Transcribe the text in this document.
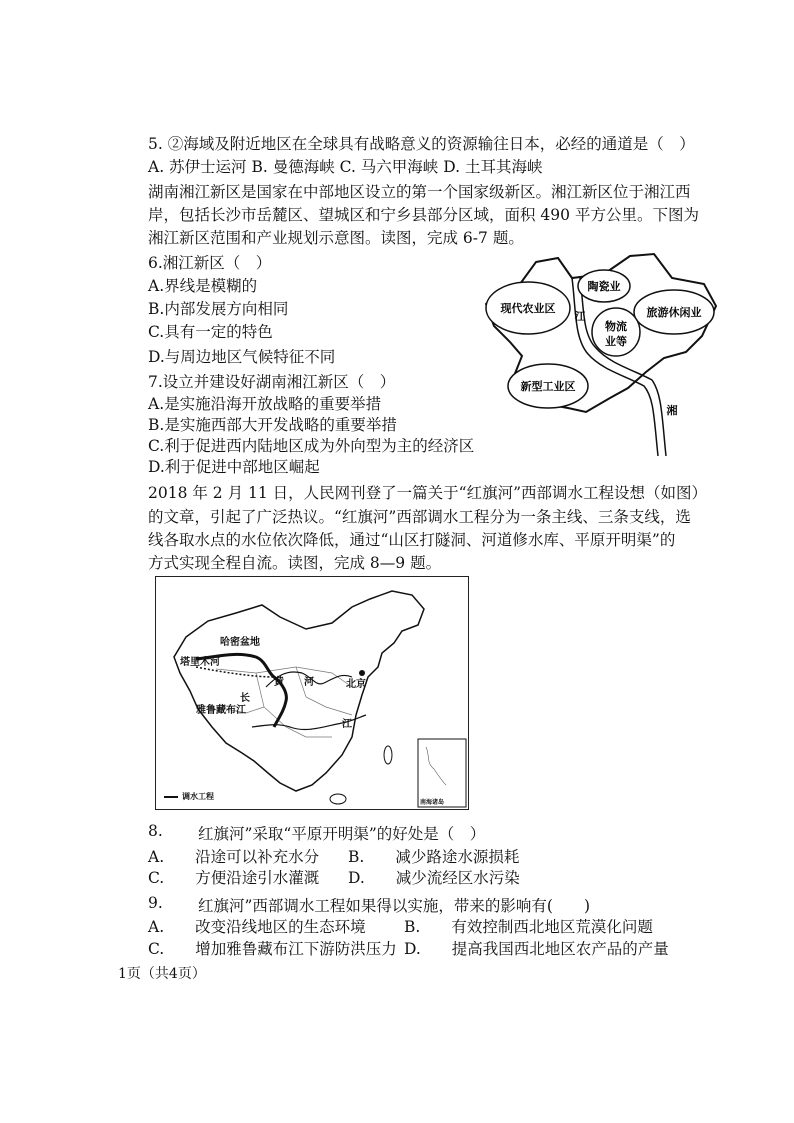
5. ②海域及附近地区在全球具有战略意义的资源输往日本，必经的通道是（　）
A. 苏伊士运河 B. 曼德海峡 C. 马六甲海峡 D. 土耳其海峡
湖南湘江新区是国家在中部地区设立的第一个国家级新区。湘江新区位于湘江西
岸，包括长沙市岳麓区、望城区和宁乡县部分区域，面积 490 平方公里。下图为
湘江新区范围和产业规划示意图。读图，完成 6-7 题。
6.湘江新区（　）
A.界线是模糊的
B.内部发展方向相同
C.具有一定的特色
D.与周边地区气候特征不同
7.设立并建设好湖南湘江新区（　）
A.是实施沿海开放战略的重要举措
B.是实施西部大开发战略的重要举措
C.利于促进西内陆地区成为外向型为主的经济区
D.利于促进中部地区崛起
现代农业区
陶瓷业
旅游休闲业
物流
业等
新型工业区
江
湘
2018 年 2 月 11 日，人民网刊登了一篇关于“红旗河”西部调水工程设想（如图）
的文章，引起了广泛热议。“红旗河”西部调水工程分为一条主线、三条支线，选
线各取水点的水位依次降低，通过“山区打隧洞、河道修水库、平原开明渠”的
方式实现全程自流。读图，完成 8—9 题。
哈密盆地
塔里木河
黄 河	北京
长
江
雅鲁藏布江
调水工程
南海诸岛
8. 红旗河”采取“平原开明渠”的好处是（　）
A.　　沿途可以补充水分 B.　　减少路途水源损耗
C.　　方便沿途引水灌溉 D.　　减少流经区水污染
9. 红旗河”西部调水工程如果得以实施，带来的影响有(　　)
A.　　改变沿线地区的生态环境 B.　　有效控制西北地区荒漠化问题
C.　　增加雅鲁藏布江下游防洪压力 D.　　提高我国西北地区农产品的产量
1页（共4页）
